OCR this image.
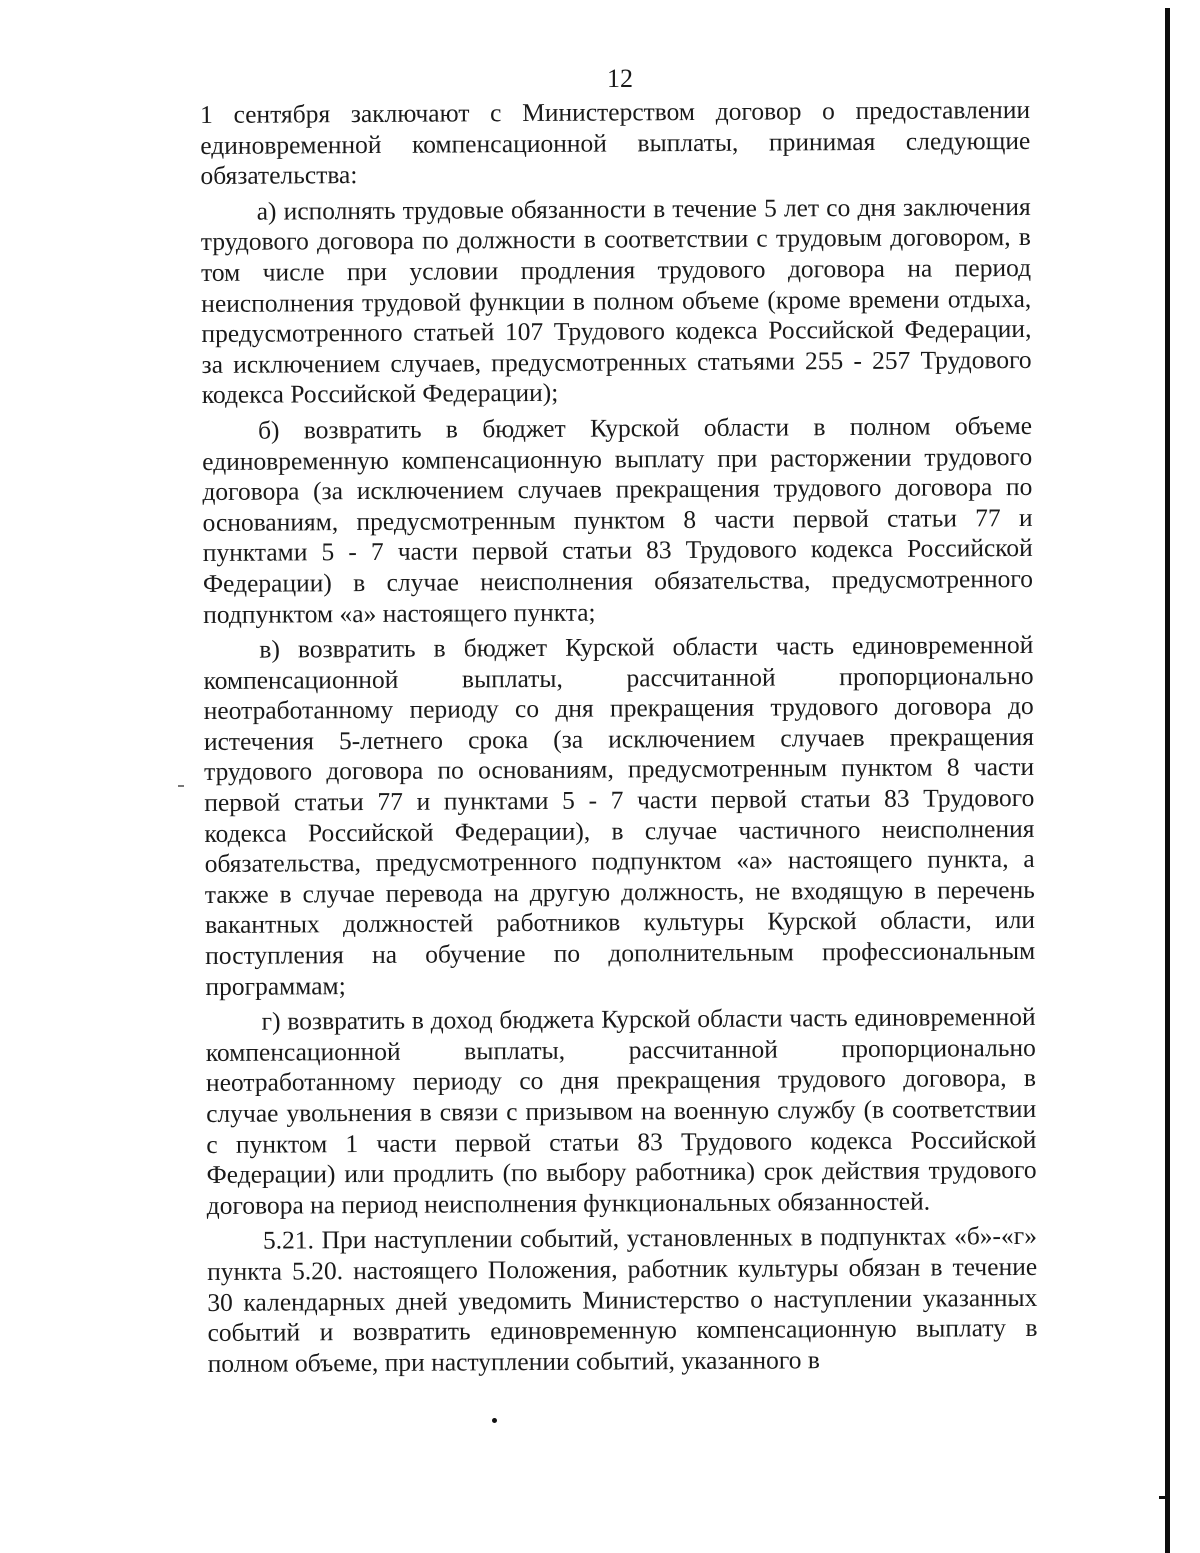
12

1 сентября заключают с Министерством договор о предоставлении единовременной компенсационной выплаты, принимая следующие обязательства:

а) исполнять трудовые обязанности в течение 5 лет со дня заключения трудового договора по должности в соответствии с трудовым договором, в том числе при условии продления трудового договора на период неисполнения трудовой функции в полном объеме (кроме времени отдыха, предусмотренного статьей 107 Трудового кодекса Российской Федерации, за исключением случаев, предусмотренных статьями 255 - 257 Трудового кодекса Российской Федерации);

б) возвратить в бюджет Курской области в полном объеме единовременную компенсационную выплату при расторжении трудового договора (за исключением случаев прекращения трудового договора по основаниям, предусмотренным пунктом 8 части первой статьи 77 и пунктами 5 - 7 части первой статьи 83 Трудового кодекса Российской Федерации) в случае неисполнения обязательства, предусмотренного подпунктом «а» настоящего пункта;

в) возвратить в бюджет Курской области часть единовременной компенсационной выплаты, рассчитанной пропорционально неотработанному периоду со дня прекращения трудового договора до истечения 5-летнего срока (за исключением случаев прекращения трудового договора по основаниям, предусмотренным пунктом 8 части первой статьи 77 и пунктами 5 - 7 части первой статьи 83 Трудового кодекса Российской Федерации), в случае частичного неисполнения обязательства, предусмотренного подпунктом «а» настоящего пункта, а также в случае перевода на другую должность, не входящую в перечень вакантных должностей работников культуры Курской области, или поступления на обучение по дополнительным профессиональным программам;

г) возвратить в доход бюджета Курской области часть единовременной компенсационной выплаты, рассчитанной пропорционально неотработанному периоду со дня прекращения трудового договора, в случае увольнения в связи с призывом на военную службу (в соответствии с пунктом 1 части первой статьи 83 Трудового кодекса Российской Федерации) или продлить (по выбору работника) срок действия трудового договора на период неисполнения функциональных обязанностей.

5.21. При наступлении событий, установленных в подпунктах «б»-«г» пункта 5.20. настоящего Положения, работник культуры обязан в течение 30 календарных дней уведомить Министерство о наступлении указанных событий и возвратить единовременную компенсационную выплату в полном объеме, при наступлении событий, указанного в
